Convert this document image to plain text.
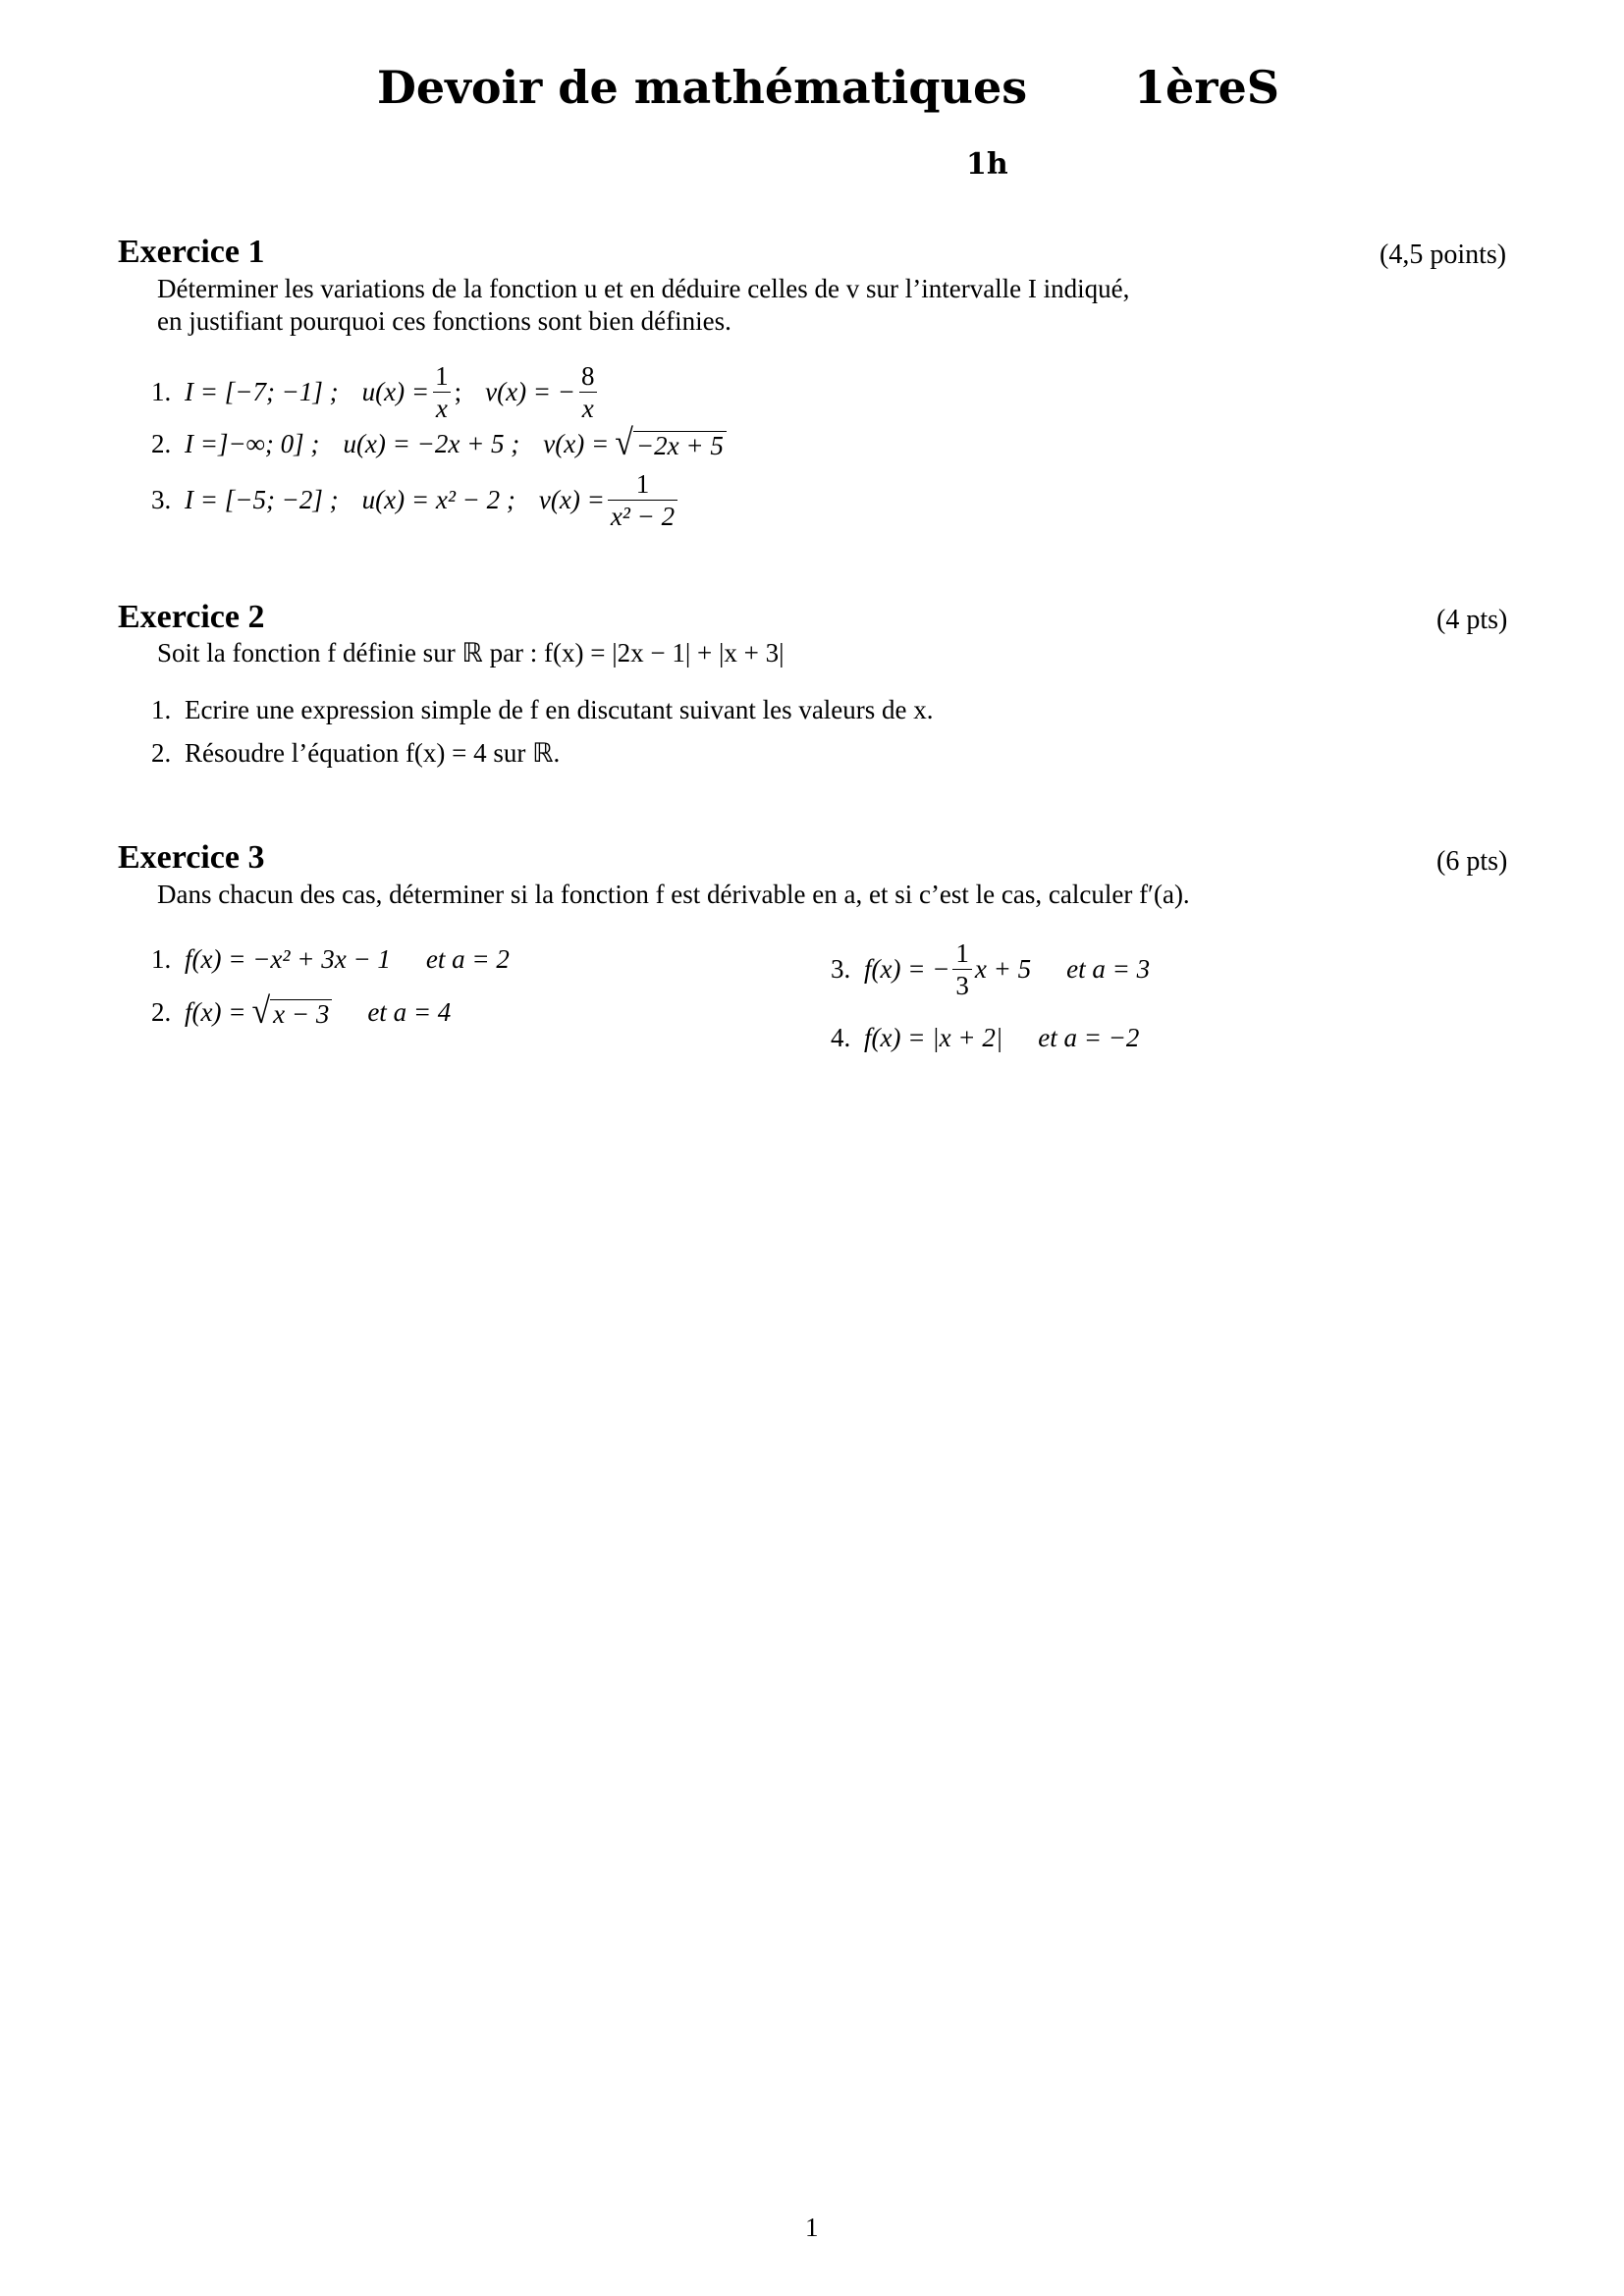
Devoir de mathématiques 1èreS
1h
Exercice 1	(4,5 points)
Déterminer les variations de la fonction u et en déduire celles de v sur l’intervalle I indiqué,
en justifiant pourquoi ces fonctions sont bien définies.
1. I = [−7; −1] ; $u(x) = \frac{1}{x}$ ; v(x) = − $\frac{8}{x}$
2. I =]−∞; 0] ; u(x) = −2x + 5 ; v(x) = √ −2x + 5
3. I = [−5; −2] ; u(x) = x² − 2 ; $v(x) = \frac{1}{\text{x² − 2}}$
Exercice 2	(4 pts)
Soit la fonction f définie sur ℝ par : f(x) = |2x − 1| + |x + 3|
1. Ecrire une expression simple de f en discutant suivant les valeurs de x.
2. Résoudre l’équation f(x) = 4 sur ℝ.
Exercice 3	(6 pts)
Dans chacun des cas, déterminer si la fonction f est dérivable en a, et si c’est le cas, calculer f′(a).
1. f(x) = −x² + 3x − 1 et a = 2
2. f(x) = √ x − 3 et a = 4
3. f(x) = − $\frac{1}{3}$ x + 5 et a = 3
4. f(x) = |x + 2| et a = −2
1
